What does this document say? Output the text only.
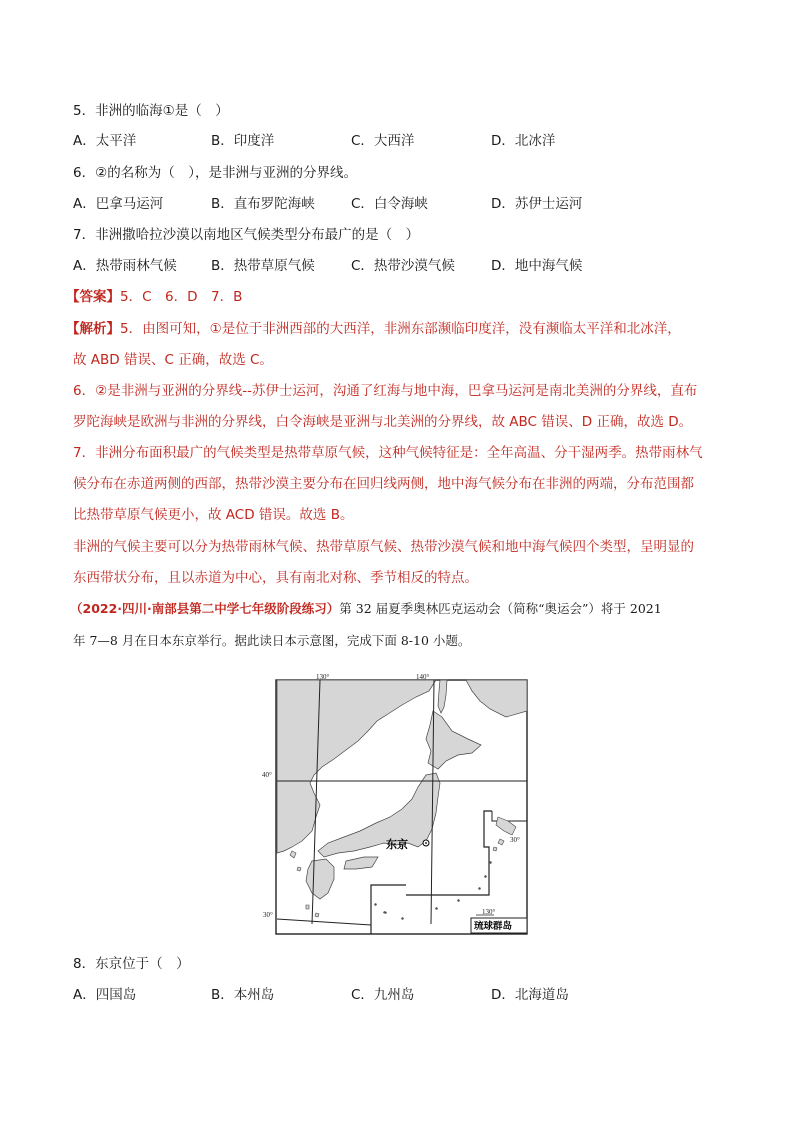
5．非洲的临海①是（　）
A．太平洋	B．印度洋	C．大西洋	D．北冰洋
6．②的名称为（　），是非洲与亚洲的分界线。
A．巴拿马运河	B．直布罗陀海峡	C．白令海峡	D．苏伊士运河
7．非洲撒哈拉沙漠以南地区气候类型分布最广的是（　）
A．热带雨林气候	B．热带草原气候	C．热带沙漠气候	D．地中海气候
【答案】5．C　6．D　7．B
【解析】5．由图可知，①是位于非洲西部的大西洋，非洲东部濒临印度洋，没有濒临太平洋和北冰洋，
故 ABD 错误、C 正确，故选 C。
6．②是非洲与亚洲的分界线--苏伊士运河，沟通了红海与地中海，巴拿马运河是南北美洲的分界线，直布
罗陀海峡是欧洲与非洲的分界线，白令海峡是亚洲与北美洲的分界线，故 ABC 错误、D 正确，故选 D。
7．非洲分布面积最广的气候类型是热带草原气候，这种气候特征是：全年高温、分干湿两季。热带雨林气
候分布在赤道两侧的西部，热带沙漠主要分布在回归线两侧，地中海气候分布在非洲的两端，分布范围都
比热带草原气候更小，故 ACD 错误。故选 B。
非洲的气候主要可以分为热带雨林气候、热带草原气候、热带沙漠气候和地中海气候四个类型，呈明显的
东西带状分布，且以赤道为中心，具有南北对称、季节相反的特点。
（2022·四川·南部县第二中学七年级阶段练习）第 32 届夏季奥林匹克运动会（简称“奥运会”）将于 2021
年 7—8 月在日本东京举行。据此读日本示意图，完成下面 8-10 小题。
东京
130°	140°
40°
30°
30°
130°
琉球群岛
8．东京位于（　）
A．四国岛	B．本州岛	C．九州岛	D．北海道岛
